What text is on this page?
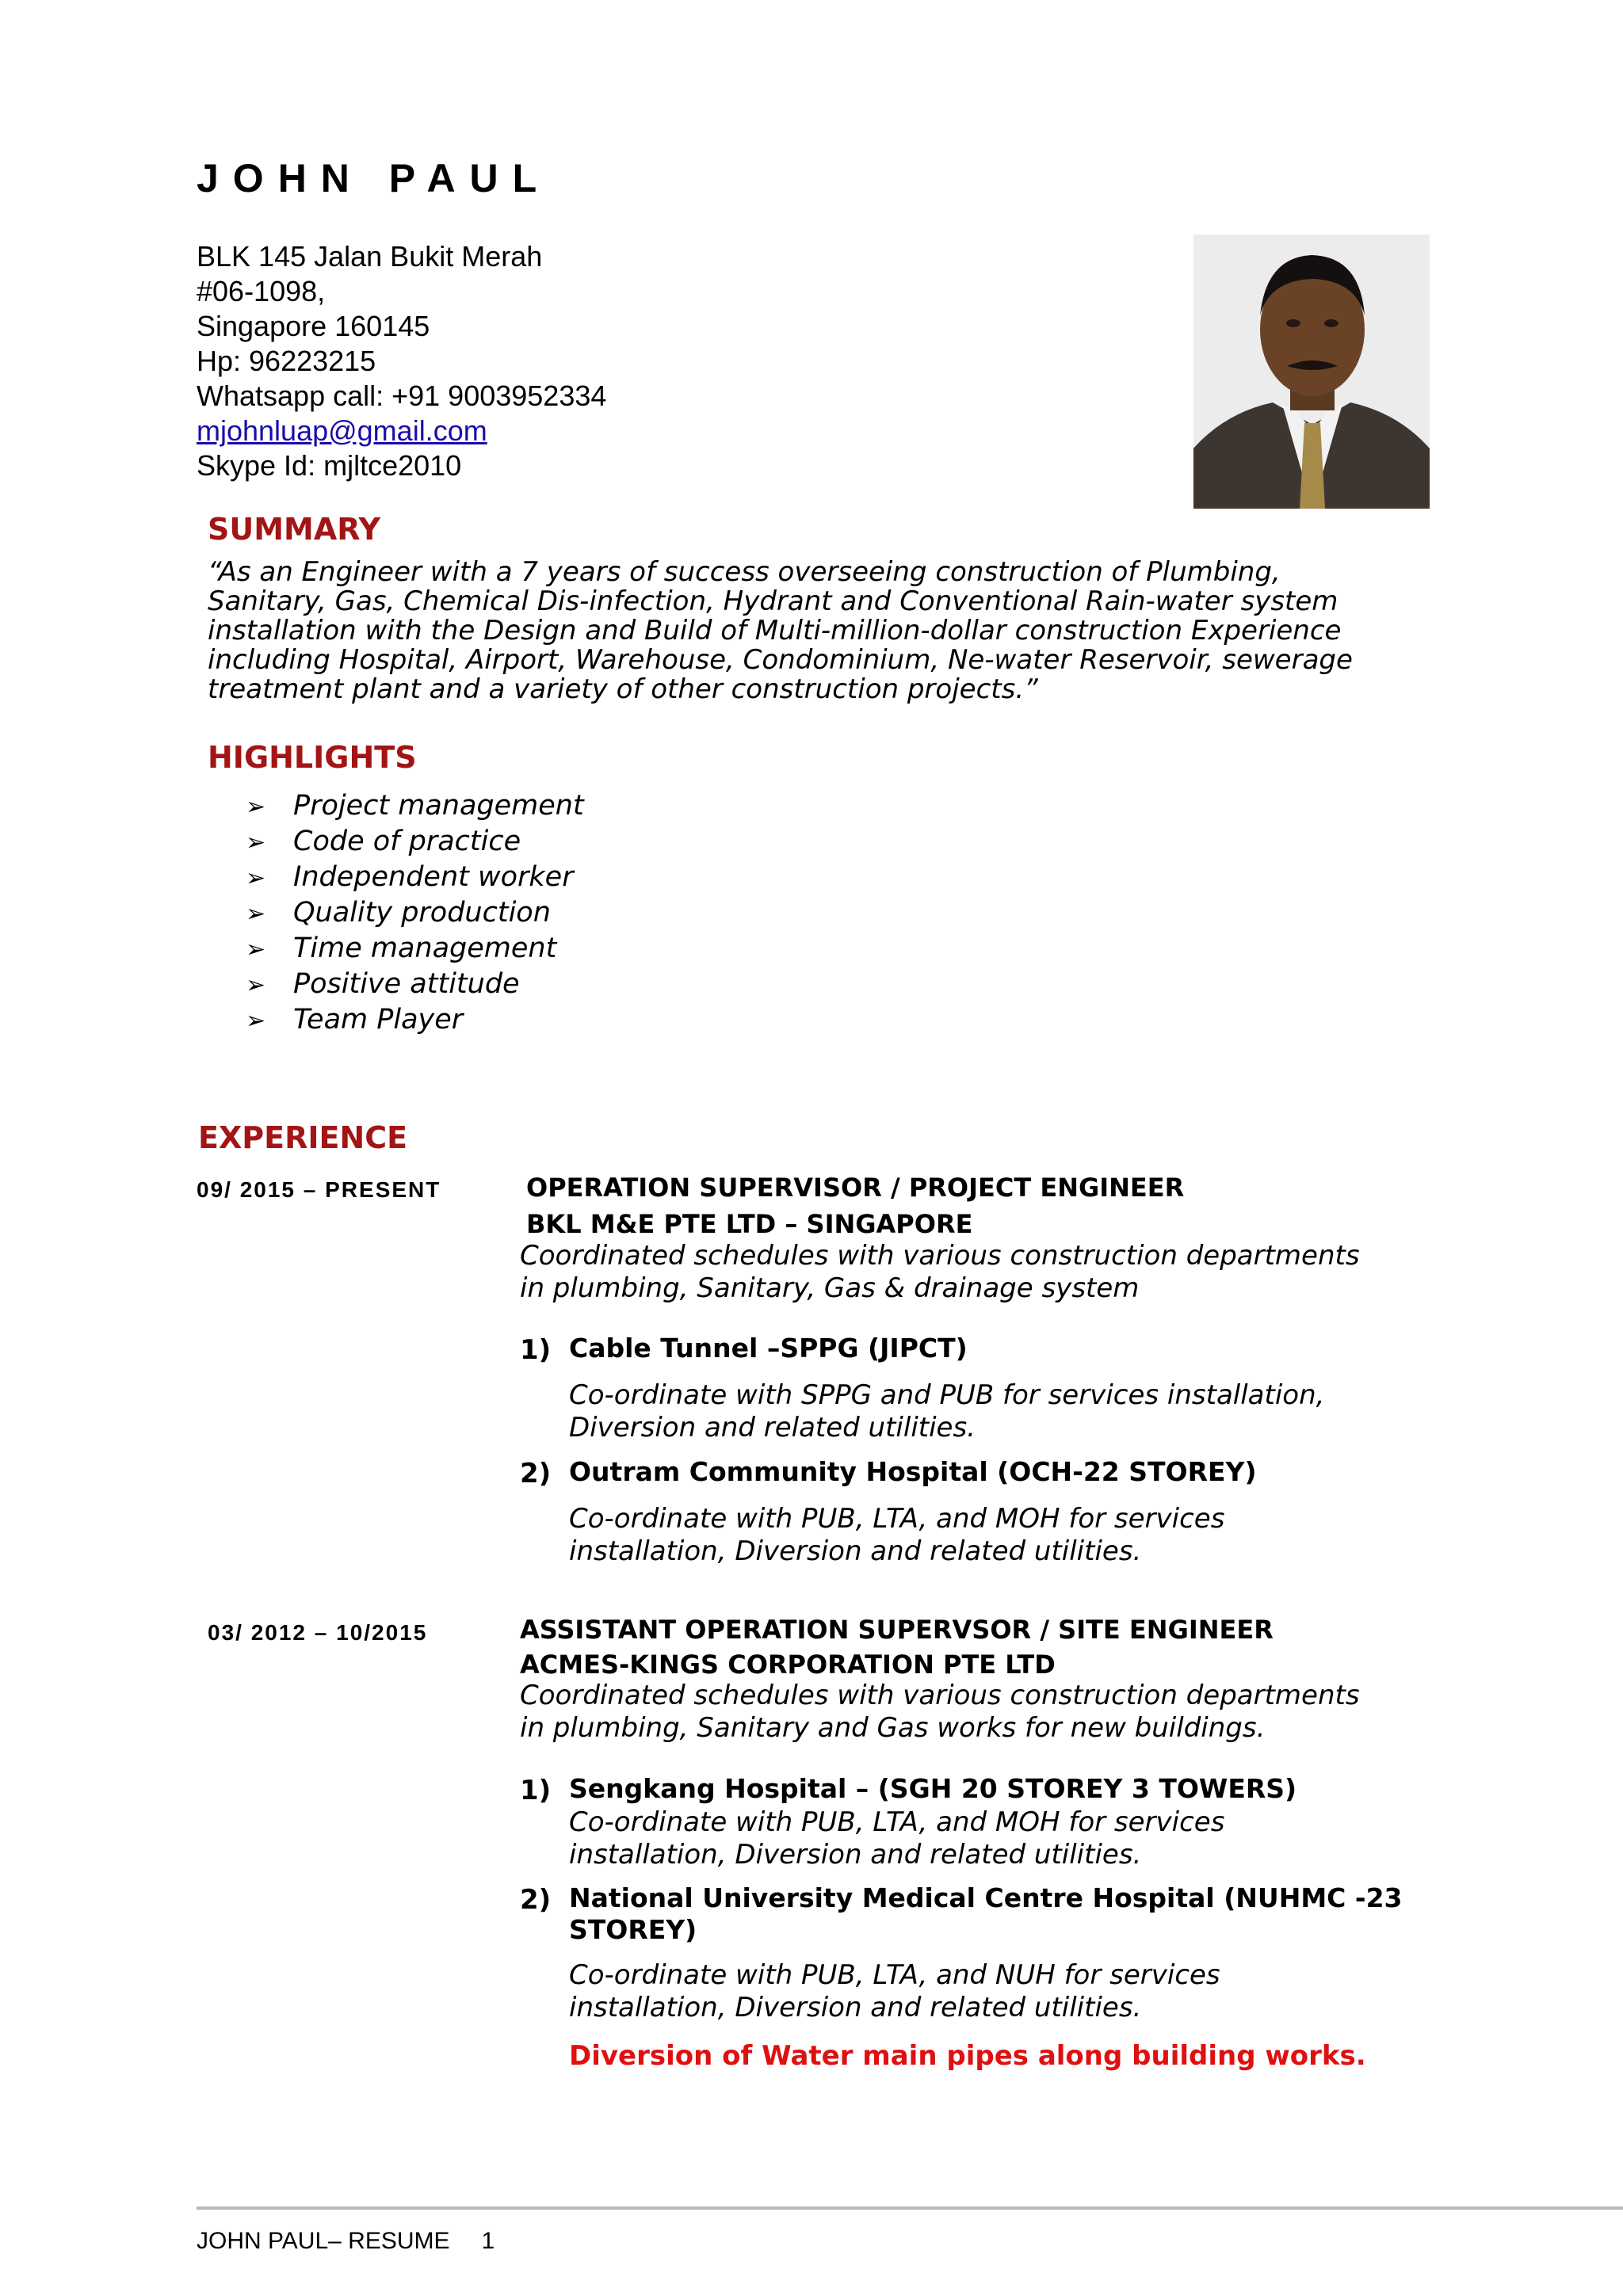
JOHN PAUL
BLK 145 Jalan Bukit Merah
#06-1098,
Singapore 160145
Hp: 96223215
Whatsapp call: +91 9003952334
mjohnluap@gmail.com
Skype Id: mjltce2010
SUMMARY
“As an Engineer with a 7 years of success overseeing construction of Plumbing,
Sanitary, Gas, Chemical Dis-infection, Hydrant and Conventional Rain-water system
installation with the Design and Build of Multi-million-dollar construction Experience
including Hospital, Airport, Warehouse, Condominium, Ne-water Reservoir, sewerage
treatment plant and a variety of other construction projects.”
HIGHLIGHTS
➢ Project management
➢ Code of practice
➢ Independent worker
➢ Quality production
➢ Time management
➢ Positive attitude
➢ Team Player
EXPERIENCE
09/ 2015 – PRESENT	OPERATION SUPERVISOR / PROJECT ENGINEER
BKL M&E PTE LTD – SINGAPORE
Coordinated schedules with various construction departments
in plumbing, Sanitary, Gas & drainage system
1) Cable Tunnel –SPPG (JIPCT)
Co-ordinate with SPPG and PUB for services installation,
Diversion and related utilities.
2) Outram Community Hospital (OCH-22 STOREY)
Co-ordinate with PUB, LTA, and MOH for services
installation, Diversion and related utilities.
03/ 2012 – 10/2015	ASSISTANT OPERATION SUPERVSOR / SITE ENGINEER
ACMES-KINGS CORPORATION PTE LTD
Coordinated schedules with various construction departments
in plumbing, Sanitary and Gas works for new buildings.
1) Sengkang Hospital – (SGH 20 STOREY 3 TOWERS)
Co-ordinate with PUB, LTA, and MOH for services
installation, Diversion and related utilities.
2) National University Medical Centre Hospital (NUHMC -23
STOREY)
Co-ordinate with PUB, LTA, and NUH for services
installation, Diversion and related utilities.
Diversion of Water main pipes along building works.
JOHN PAUL– RESUME 1
